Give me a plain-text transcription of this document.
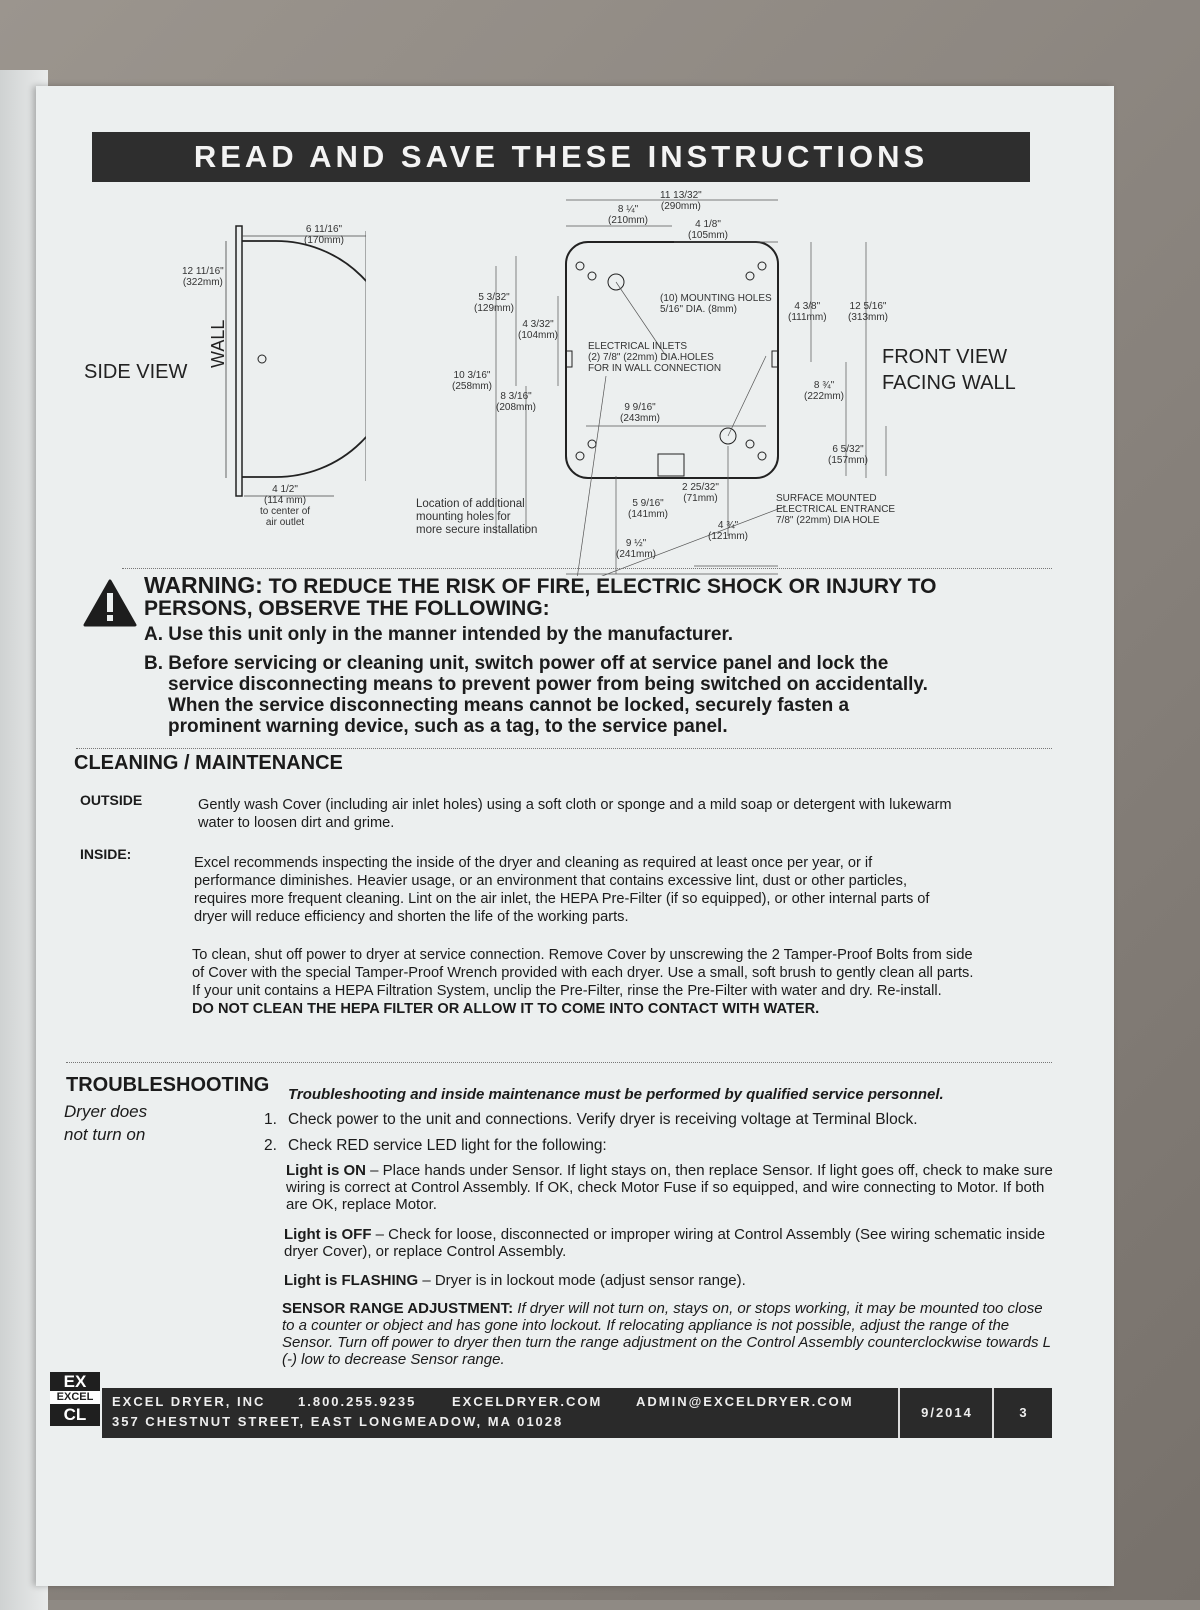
READ AND SAVE THESE INSTRUCTIONS
6 11/16"
(170mm)
12 11/16"
(322mm)
4 1/2"
(114 mm)
to center of
air outlet
SIDE VIEW
WALL
11 13/32"
(290mm)
8 ¼"
(210mm)	4 1/8"
(105mm)
5 3/32"
(129mm)
4 3/32"
(104mm)
10 3/16"
(258mm)
8 3/16"
(208mm)	9 9/16"
(243mm)
4 3/8"
(111mm)
12 5/16"
(313mm)
8 ¾"
(222mm)
6 5/32"
(157mm)
2 25/32"
(71mm)
5 9/16"
(141mm)
4 ¾"
(121mm)
9 ½"
(241mm)
(10) MOUNTING HOLES
5/16" DIA. (8mm)
ELECTRICAL INLETS
(2) 7/8" (22mm) DIA.HOLES
FOR IN WALL CONNECTION
Location of additional
mounting holes for
more secure installation
SURFACE MOUNTED
ELECTRICAL ENTRANCE
7/8" (22mm) DIA HOLE
FRONT VIEW
FACING WALL
WARNING: TO REDUCE THE RISK OF FIRE, ELECTRIC SHOCK OR INJURY TO
PERSONS, OBSERVE THE FOLLOWING:
A. Use this unit only in the manner intended by the manufacturer.
B. Before servicing or cleaning unit, switch power off at service panel and lock the
service disconnecting means to prevent power from being switched on accidentally.
When the service disconnecting means cannot be locked, securely fasten a
prominent warning device, such as a tag, to the service panel.
CLEANING / MAINTENANCE
OUTSIDE	Gently wash Cover (including air inlet holes) using a soft cloth or sponge and a mild soap or detergent with lukewarm
water to loosen dirt and grime.
INSIDE:
Excel recommends inspecting the inside of the dryer and cleaning as required at least once per year, or if
performance diminishes. Heavier usage, or an environment that contains excessive lint, dust or other particles,
requires more frequent cleaning. Lint on the air inlet, the HEPA Pre-Filter (if so equipped), or other internal parts of
dryer will reduce efficiency and shorten the life of the working parts.
To clean, shut off power to dryer at service connection. Remove Cover by unscrewing the 2 Tamper-Proof Bolts from side
of Cover with the special Tamper-Proof Wrench provided with each dryer. Use a small, soft brush to gently clean all parts.
If your unit contains a HEPA Filtration System, unclip the Pre-Filter, rinse the Pre-Filter with water and dry. Re-install.
DO NOT CLEAN THE HEPA FILTER OR ALLOW IT TO COME INTO CONTACT WITH WATER.
TROUBLESHOOTING Troubleshooting and inside maintenance must be performed by qualified service personnel.
Dryer does
not turn on
1. Check power to the unit and connections. Verify dryer is receiving voltage at Terminal Block.
2. Check RED service LED light for the following:
Light is ON – Place hands under Sensor. If light stays on, then replace Sensor. If light goes off, check to make sure wiring is correct at Control Assembly. If OK, check Motor Fuse if so equipped, and wire connecting to Motor. If both are OK, replace Motor.
Light is OFF – Check for loose, disconnected or improper wiring at Control Assembly (See wiring schematic inside dryer Cover), or replace Control Assembly.
Light is FLASHING – Dryer is in lockout mode (adjust sensor range).
SENSOR RANGE ADJUSTMENT: If dryer will not turn on, stays on, or stops working, it may be mounted too close to a counter or object and has gone into lockout. If relocating appliance is not possible, adjust the range of the Sensor. Turn off power to dryer then turn the range adjustment on the Control Assembly counterclockwise towards L (-) low to decrease Sensor range.
EX
EXCEL
CL
EXCEL DRYER, INC	1.800.255.9235	EXCELDRYER.COM	ADMIN@EXCELDRYER.COM
357 CHESTNUT STREET, EAST LONGMEADOW, MA 01028
9/2014	3
